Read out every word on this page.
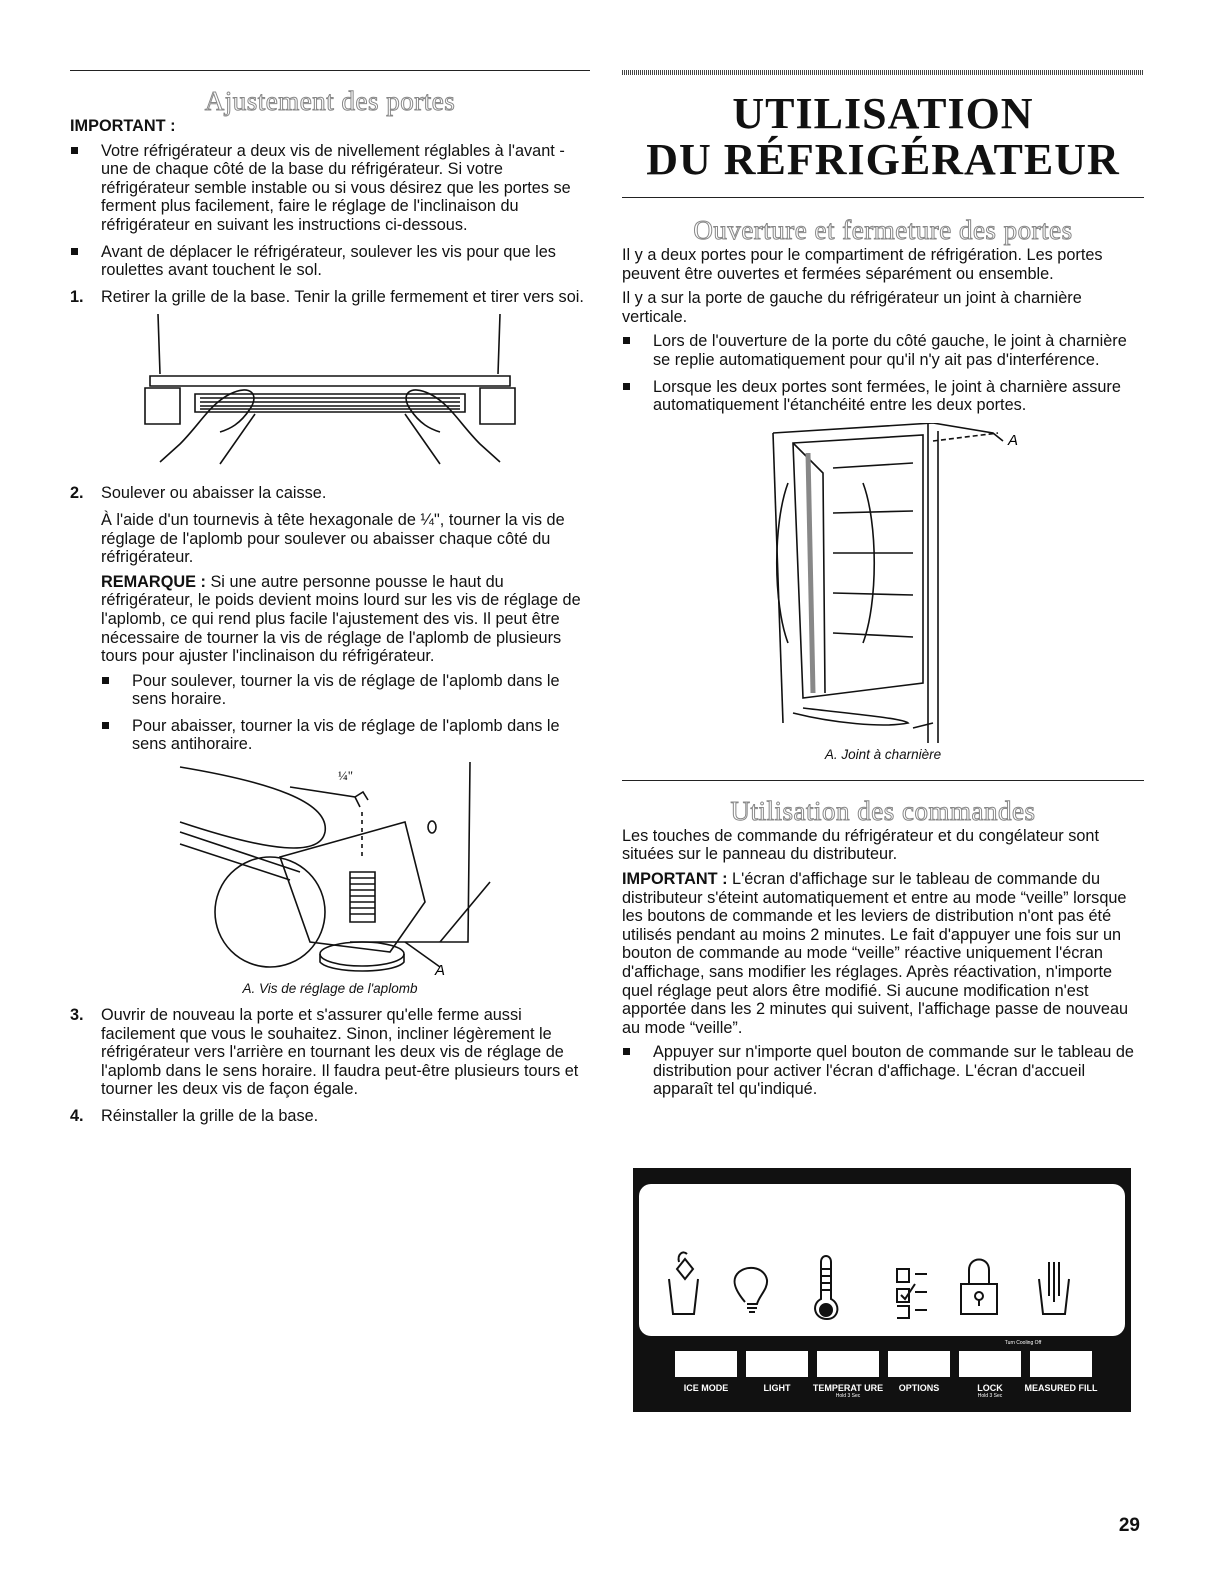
Ajustement des portes

IMPORTANT :

Votre réfrigérateur a deux vis de nivellement réglables à l'avant - une de chaque côté de la base du réfrigérateur. Si votre réfrigérateur semble instable ou si vous désirez que les portes se ferment plus facilement, faire le réglage de l'inclinaison du réfrigérateur en suivant les instructions ci-dessous.
Avant de déplacer le réfrigérateur, soulever les vis pour que les roulettes avant touchent le sol.
1. Retirer la grille de la base. Tenir la grille fermement et tirer vers soi.
2. Soulever ou abaisser la caisse.

À l'aide d'un tournevis à tête hexagonale de ¼", tourner la vis de réglage de l'aplomb pour soulever ou abaisser chaque côté du réfrigérateur.

REMARQUE : Si une autre personne pousse le haut du réfrigérateur, le poids devient moins lourd sur les vis de réglage de l'aplomb, ce qui rend plus facile l'ajustement des vis. Il peut être nécessaire de tourner la vis de réglage de l'aplomb de plusieurs tours pour ajuster l'inclinaison du réfrigérateur.

Pour soulever, tourner la vis de réglage de l'aplomb dans le sens horaire.
Pour abaisser, tourner la vis de réglage de l'aplomb dans le sens antihoraire.
¼"
A
A. Vis de réglage de l'aplomb
3. Ouvrir de nouveau la porte et s'assurer qu'elle ferme aussi facilement que vous le souhaitez. Sinon, incliner légèrement le réfrigérateur vers l'arrière en tournant les deux vis de réglage de l'aplomb dans le sens horaire. Il faudra peut-être plusieurs tours et tourner les deux vis de façon égale.
4. Réinstaller la grille de la base.
UTILISATION
DU RÉFRIGÉRATEUR
Ouverture et fermeture des portes

Il y a deux portes pour le compartiment de réfrigération. Les portes peuvent être ouvertes et fermées séparément ou ensemble.

Il y a sur la porte de gauche du réfrigérateur un joint à charnière verticale.

Lors de l'ouverture de la porte du côté gauche, le joint à charnière se replie automatiquement pour qu'il n'y ait pas d'interférence.
Lorsque les deux portes sont fermées, le joint à charnière assure automatiquement l'étanchéité entre les deux portes.
A
A. Joint à charnière
Utilisation des commandes

Les touches de commande du réfrigérateur et du congélateur sont situées sur le panneau du distributeur.

IMPORTANT : L'écran d'affichage sur le tableau de commande du distributeur s'éteint automatiquement et entre au mode “veille” lorsque les boutons de commande et les leviers de distribution n'ont pas été utilisés pendant au moins 2 minutes. Le fait d'appuyer une fois sur un bouton de commande au mode “veille” réactive uniquement l'écran d'affichage, sans modifier les réglages. Après réactivation, n'importe quel réglage peut alors être modifié. Si aucune modification n'est apportée dans les 2 minutes qui suivent, l'affichage passe de nouveau au mode “veille”.

Appuyer sur n'importe quel bouton de commande sur le tableau de distribution pour activer l'écran d'affichage. L'écran d'accueil apparaît tel qu'indiqué.
Turn Cooling Off
ICE MODE	LIGHT	TEMPERAT URE
Hold 3 Sec
OPTIONS	LOCK
Hold 3 Sec
MEASURED FILL
29
